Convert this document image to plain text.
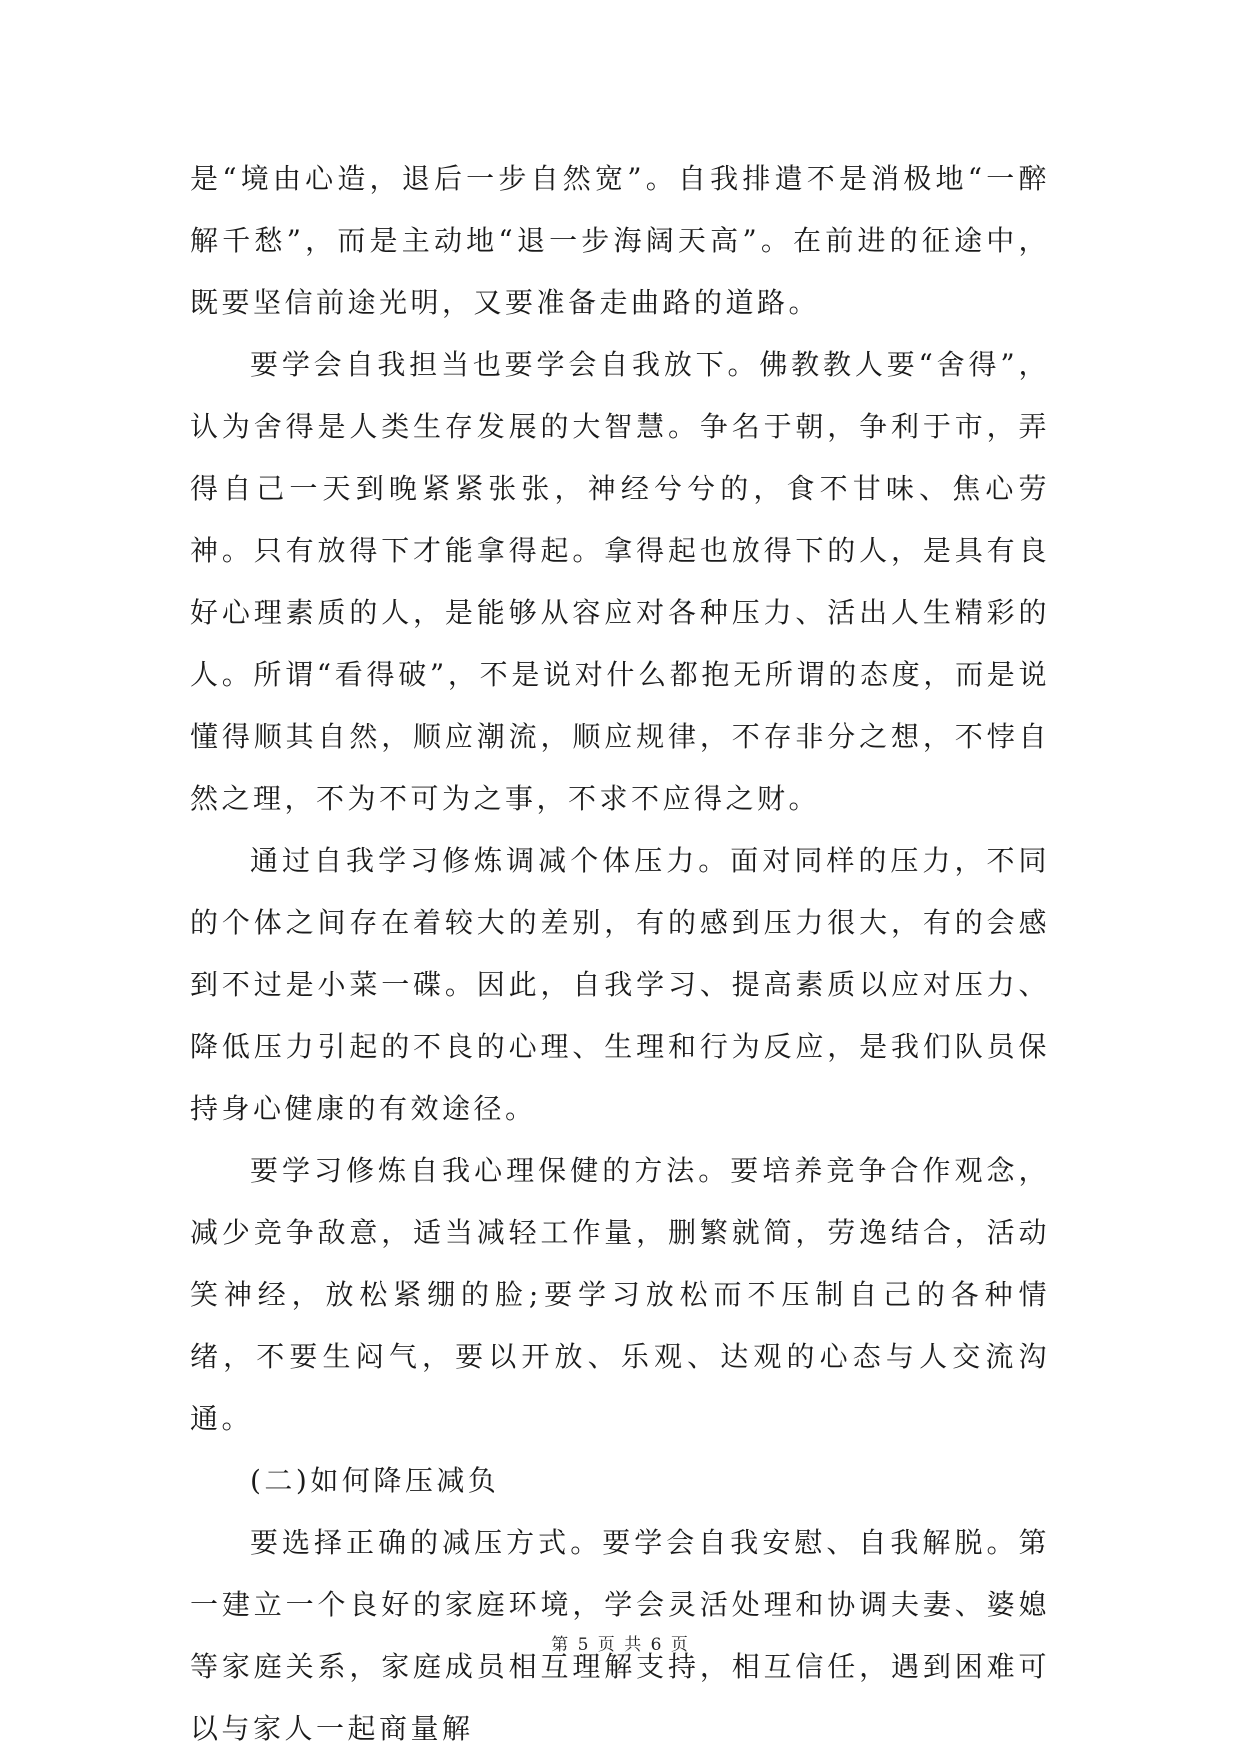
是“境由心造，退后一步自然宽”。自我排遣不是消极地“一醉解千愁”，而是主动地“退一步海阔天高”。在前进的征途中，既要坚信前途光明，又要准备走曲路的道路。

要学会自我担当也要学会自我放下。佛教教人要“舍得”，认为舍得是人类生存发展的大智慧。争名于朝，争利于市，弄得自己一天到晚紧紧张张，神经兮兮的，食不甘味、焦心劳神。只有放得下才能拿得起。拿得起也放得下的人，是具有良好心理素质的人，是能够从容应对各种压力、活出人生精彩的人。所谓“看得破”，不是说对什么都抱无所谓的态度，而是说懂得顺其自然，顺应潮流，顺应规律，不存非分之想，不悖自然之理，不为不可为之事，不求不应得之财。

通过自我学习修炼调减个体压力。面对同样的压力，不同的个体之间存在着较大的差别，有的感到压力很大，有的会感到不过是小菜一碟。因此，自我学习、提高素质以应对压力、降低压力引起的不良的心理、生理和行为反应，是我们队员保持身心健康的有效途径。

要学习修炼自我心理保健的方法。要培养竞争合作观念，减少竞争敌意，适当减轻工作量，删繁就简，劳逸结合，活动笑神经，放松紧绷的脸;要学习放松而不压制自己的各种情绪，不要生闷气，要以开放、乐观、达观的心态与人交流沟通。

(二)如何降压减负

要选择正确的减压方式。要学会自我安慰、自我解脱。第一建立一个良好的家庭环境，学会灵活处理和协调夫妻、婆媳等家庭关系，家庭成员相互理解支持，相互信任，遇到困难可以与家人一起商量解

第 5 页 共 6 页
